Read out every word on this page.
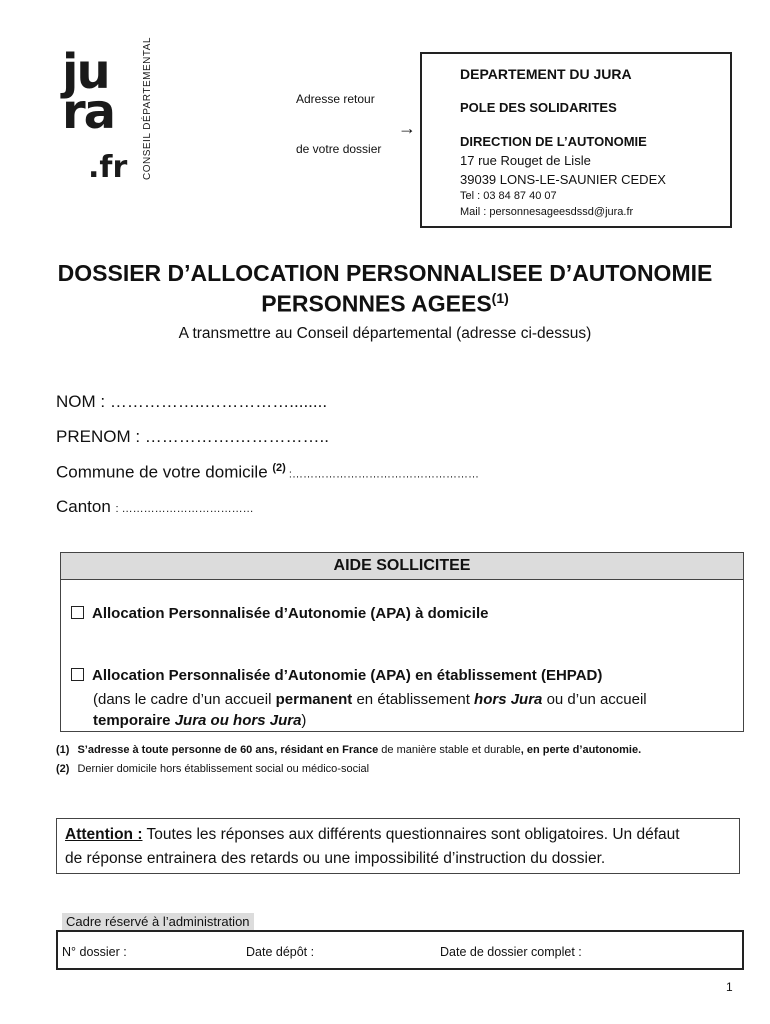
ju
ra
.fr CONSEIL DÉPARTEMENTAL	Adresse retour
→
de votre dossier
DEPARTEMENT DU JURA
POLE DES SOLIDARITES
DIRECTION DE L’AUTONOMIE
17 rue Rouget de Lisle
39039 LONS-LE-SAUNIER CEDEX
Tel : 03 84 87 40 07
Mail : personnesageesdssd@jura.fr
DOSSIER D’ALLOCATION PERSONNALISEE D’AUTONOMIE
PERSONNES AGEES$^{(1)}$
A transmettre au Conseil départemental (adresse ci-dessus)
NOM : ……………..……………........
PRENOM : …………….……………..
Commune de votre domicile $^{(2)}$ :……………………………………………
Canton : ………………………………
AIDE SOLLICITEE
Allocation Personnalisée d’Autonomie (APA) à domicile
Allocation Personnalisée d’Autonomie (APA) en établissement (EHPAD)
(dans le cadre d’un accueil permanent en établissement hors Jura ou d’un accueil
temporaire Jura ou hors Jura)
(1) S’adresse à toute personne de 60 ans, résidant en France de manière stable et durable, en perte d’autonomie.
(2) Dernier domicile hors établissement social ou médico-social
Attention : Toutes les réponses aux différents questionnaires sont obligatoires. Un défaut
de réponse entrainera des retards ou une impossibilité d’instruction du dossier.
Cadre réservé à l’administration
N° dossier :	Date dépôt :	Date de dossier complet :
1
